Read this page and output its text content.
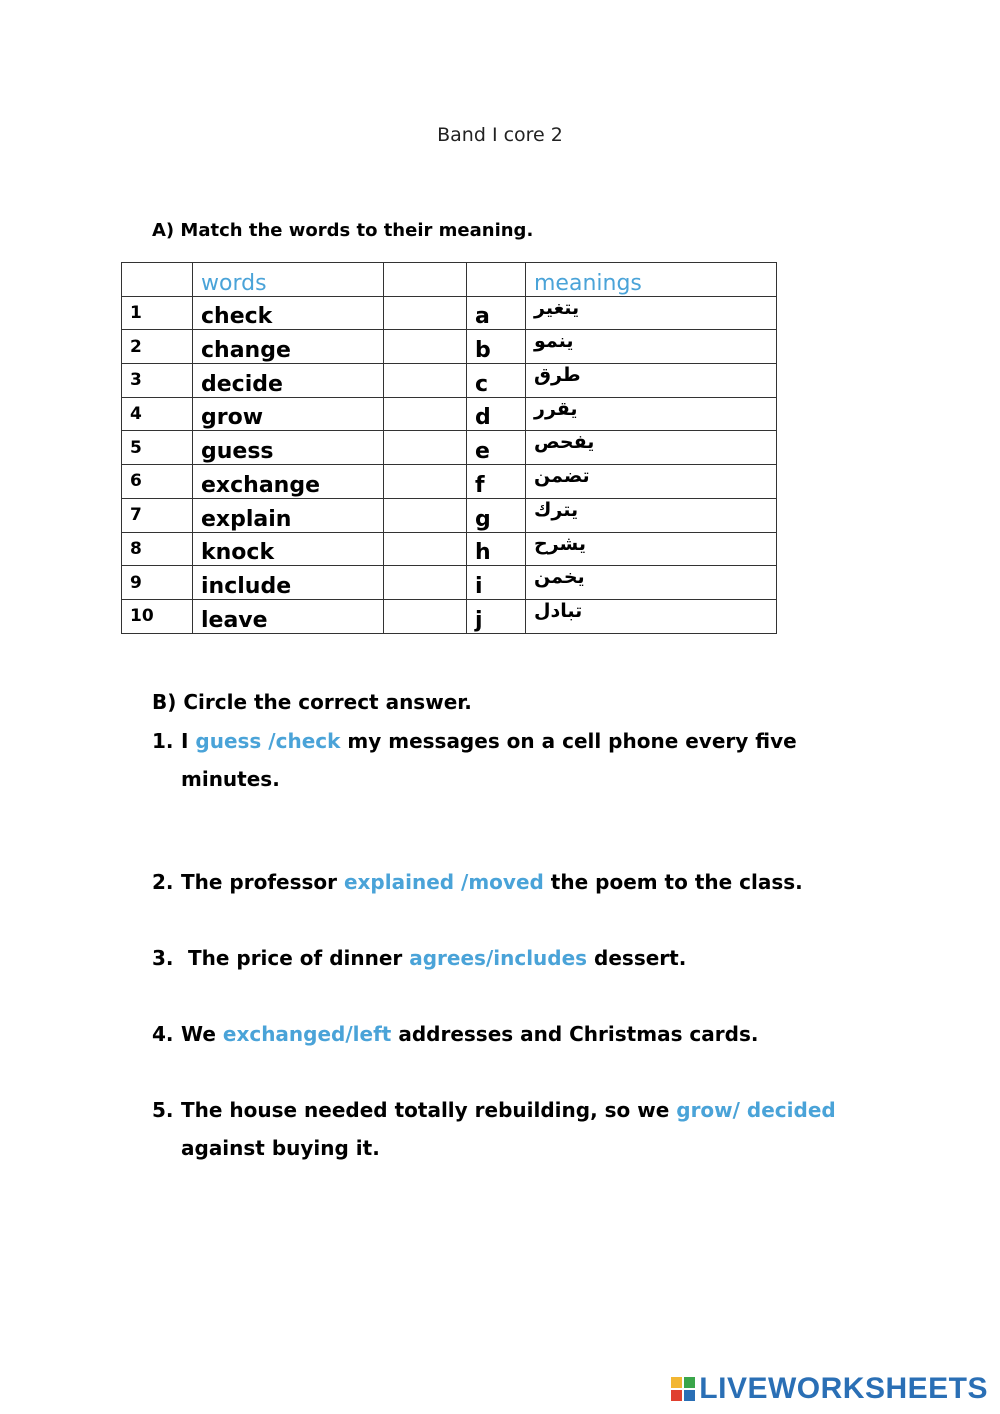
Band I core 2
A) Match the words to their meaning.
	words			meanings
1	check		a	يتغير
2	change		b	ينمو
3	decide		c	طرق
4	grow		d	يقرر
5	guess		e	يفحص
6	exchange		f	تضمن
7	explain		g	يترك
8	knock		h	يشرح
9	include		i	يخمن
10	leave		j	تبادل
B) Circle the correct answer.
1. I guess /check my messages on a cell phone every five minutes.
2. The professor explained /moved the poem to the class.
3. The price of dinner agrees/includes dessert.
4. We exchanged/left addresses and Christmas cards.
5. The house needed totally rebuilding, so we grow/ decided against buying it.
LIVEWORKSHEETS
